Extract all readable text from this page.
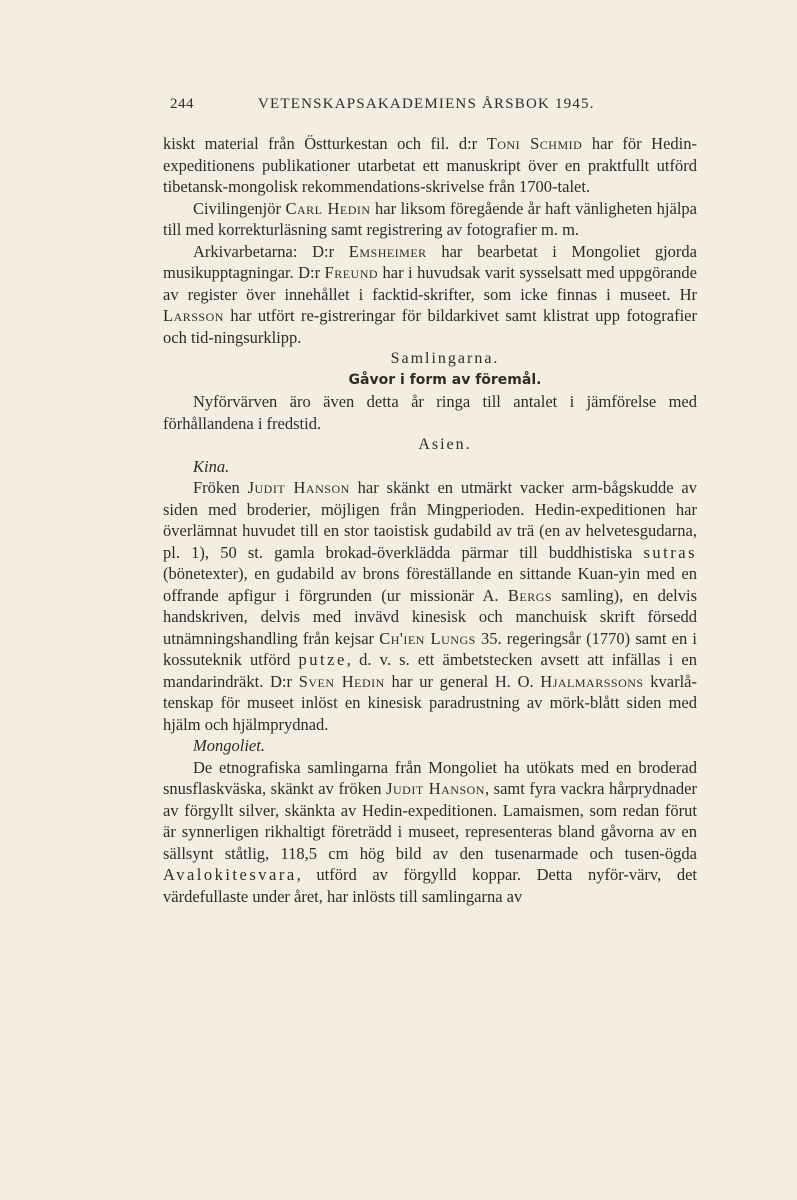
244	VETENSKAPSAKADEMIENS ÅRSBOK 1945.

kiskt material från Östturkestan och fil. d:r Toni Schmid har för Hedin-expeditionens publikationer utarbetat ett manuskript över en praktfullt utförd tibetansk-mongolisk rekommendations-skrivelse från 1700-talet.

Civilingenjör Carl Hedin har liksom föregående år haft vänligheten hjälpa till med korrekturläsning samt registrering av fotografier m. m.

Arkivarbetarna: D:r Emsheimer har bearbetat i Mongoliet gjorda musikupptagningar. D:r Freund har i huvudsak varit sysselsatt med uppgörande av register över innehållet i facktid-skrifter, som icke finnas i museet. Hr Larsson har utfört re-gistreringar för bildarkivet samt klistrat upp fotografier och tid-ningsurklipp.

Samlingarna.

Gåvor i form av föremål.

Nyförvärven äro även detta år ringa till antalet i jämförelse med förhållandena i fredstid.

Asien.

Kina.

Fröken Judit Hanson har skänkt en utmärkt vacker arm-bågskudde av siden med broderier, möjligen från Mingperioden. Hedin-expeditionen har överlämnat huvudet till en stor taoistisk gudabild av trä (en av helvetesgudarna, pl. 1), 50 st. gamla brokad-överklädda pärmar till buddhistiska sutras (bönetexter), en gudabild av brons föreställande en sittande Kuan-yin med en offrande apfigur i förgrunden (ur missionär A. Bergs samling), en delvis handskriven, delvis med invävd kinesisk och manchuisk skrift försedd utnämningshandling från kejsar Ch'ien Lungs 35. regeringsår (1770) samt en i kossuteknik utförd putze, d. v. s. ett ämbetstecken avsett att infällas i en mandarindräkt. D:r Sven Hedin har ur general H. O. Hjalmarssons kvarlå-tenskap för museet inlöst en kinesisk paradrustning av mörk-blått siden med hjälm och hjälmprydnad.

Mongoliet.

De etnografiska samlingarna från Mongoliet ha utökats med en broderad snusflaskväska, skänkt av fröken Judit Hanson, samt fyra vackra hårprydnader av förgyllt silver, skänkta av Hedin-expeditionen. Lamaismen, som redan förut är synnerligen rikhaltigt företrädd i museet, representeras bland gåvorna av en sällsynt ståtlig, 118,5 cm hög bild av den tusenarmade och tusen-ögda Avalokitesvara, utförd av förgylld koppar. Detta nyför-värv, det värdefullaste under året, har inlösts till samlingarna av
